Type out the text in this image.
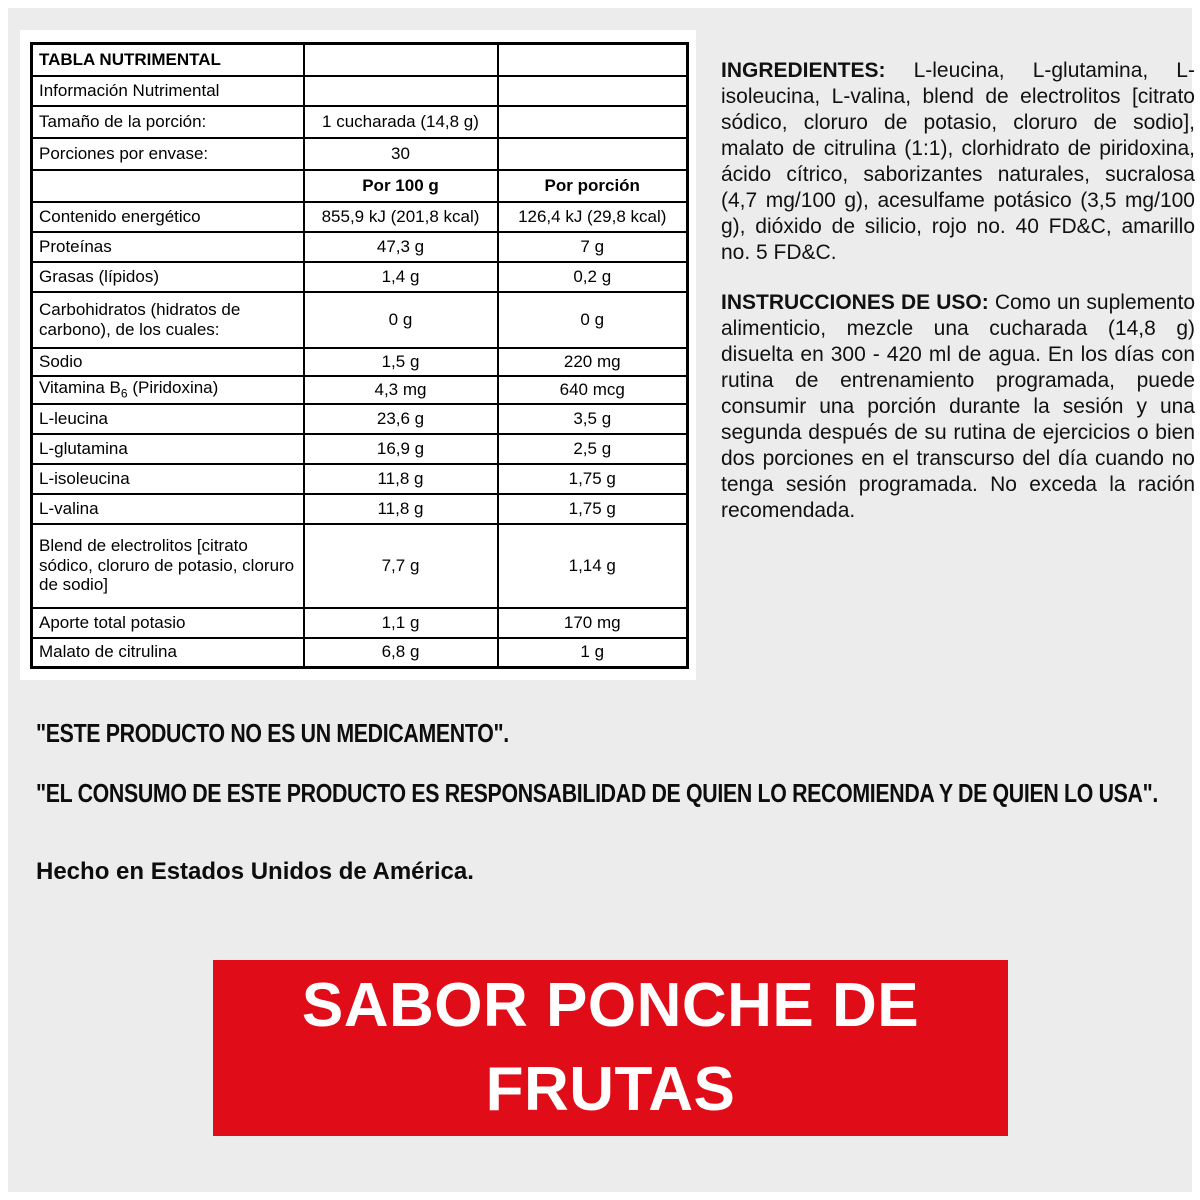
TABLA NUTRIMENTAL		
Información Nutrimental		
Tamaño de la porción:	1 cucharada (14,8 g)	
Porciones por envase:	30	
	Por 100 g	Por porción
Contenido energético	855,9 kJ (201,8 kcal)	126,4 kJ (29,8 kcal)
Proteínas	47,3 g	7 g
Grasas (lípidos)	1,4 g	0,2 g
Carbohidratos (hidratos de carbono), de los cuales:	0 g	0 g
Sodio	1,5 g	220 mg
Vitamina $B_6$ (Piridoxina)	4,3 mg	640 mcg
L-leucina	23,6 g	3,5 g
L-glutamina	16,9 g	2,5 g
L-isoleucina	11,8 g	1,75 g
L-valina	11,8 g	1,75 g
Blend de electrolitos [citrato sódico, cloruro de potasio, cloruro de sodio]	7,7 g	1,14 g
Aporte total potasio	1,1 g	170 mg
Malato de citrulina	6,8 g	1 g

INGREDIENTES: L-leucina, L-glutamina, L-isoleucina, L-valina, blend de electrolitos [citrato sódico, cloruro de potasio, cloruro de sodio], malato de citrulina (1:1), clorhidrato de piridoxina, ácido cítrico, saborizantes naturales, sucralosa (4,7 mg/100 g), acesulfame potásico (3,5 mg/100 g), dióxido de silicio, rojo no. 40 FD&C, amarillo no. 5 FD&C.

INSTRUCCIONES DE USO: Como un suplemento alimenticio, mezcle una cucharada (14,8 g) disuelta en 300 - 420 ml de agua. En los días con rutina de entrenamiento programada, puede consumir una porción durante la sesión y una segunda después de su rutina de ejercicios o bien dos porciones en el transcurso del día cuando no tenga sesión programada. No exceda la ración recomendada.

"ESTE PRODUCTO NO ES UN MEDICAMENTO".
"EL CONSUMO DE ESTE PRODUCTO ES RESPONSABILIDAD DE QUIEN LO RECOMIENDA Y DE QUIEN LO USA".
Hecho en Estados Unidos de América.
SABOR PONCHE DE
FRUTAS
